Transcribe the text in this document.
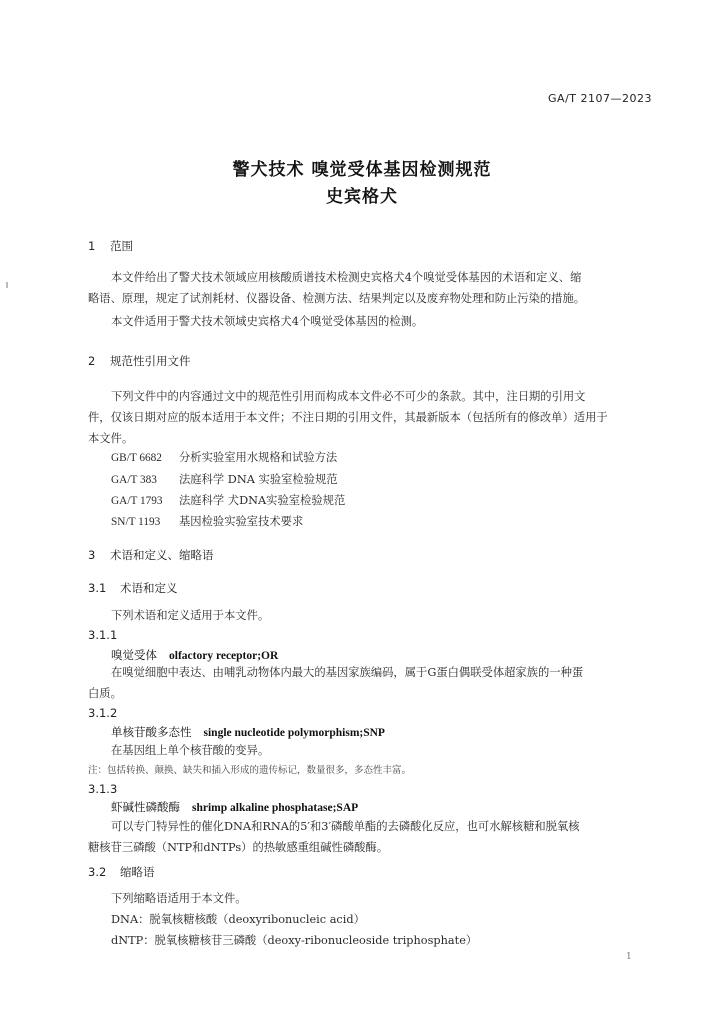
GA/T 2107—2023
警犬技术 嗅觉受体基因检测规范
史宾格犬
1 范围
本文件给出了警犬技术领域应用核酸质谱技术检测史宾格犬4个嗅觉受体基因的术语和定义、缩
略语、原理，规定了试剂耗材、仪器设备、检测方法、结果判定以及废弃物处理和防止污染的措施。
本文件适用于警犬技术领域史宾格犬4个嗅觉受体基因的检测。
2 规范性引用文件
下列文件中的内容通过文中的规范性引用而构成本文件必不可少的条款。其中，注日期的引用文
件，仅该日期对应的版本适用于本文件；不注日期的引用文件，其最新版本（包括所有的修改单）适用于
本文件。
GB/T 6682 分析实验室用水规格和试验方法
GA/T 383 法庭科学 DNA 实验室检验规范
GA/T 1793 法庭科学 犬DNA实验室检验规范
SN/T 1193 基因检验实验室技术要求
3 术语和定义、缩略语
3.1 术语和定义
下列术语和定义适用于本文件。
3.1.1
嗅觉受体 olfactory receptor;OR
在嗅觉细胞中表达、由哺乳动物体内最大的基因家族编码，属于G蛋白偶联受体超家族的一种蛋
白质。
3.1.2
单核苷酸多态性 single nucleotide polymorphism;SNP
在基因组上单个核苷酸的变异。
注：包括转换、颠换、缺失和插入形成的遗传标记，数量很多，多态性丰富。
3.1.3
虾碱性磷酸酶 shrimp alkaline phosphatase;SAP
可以专门特异性的催化DNA和RNA的5′和3′磷酸单酯的去磷酸化反应，也可水解核糖和脱氧核
糖核苷三磷酸（NTP和dNTPs）的热敏感重组碱性磷酸酶。
3.2 缩略语
下列缩略语适用于本文件。
DNA：脱氧核糖核酸（deoxyribonucleic acid）
dNTP：脱氧核糖核苷三磷酸（deoxy-ribonucleoside triphosphate）
1
